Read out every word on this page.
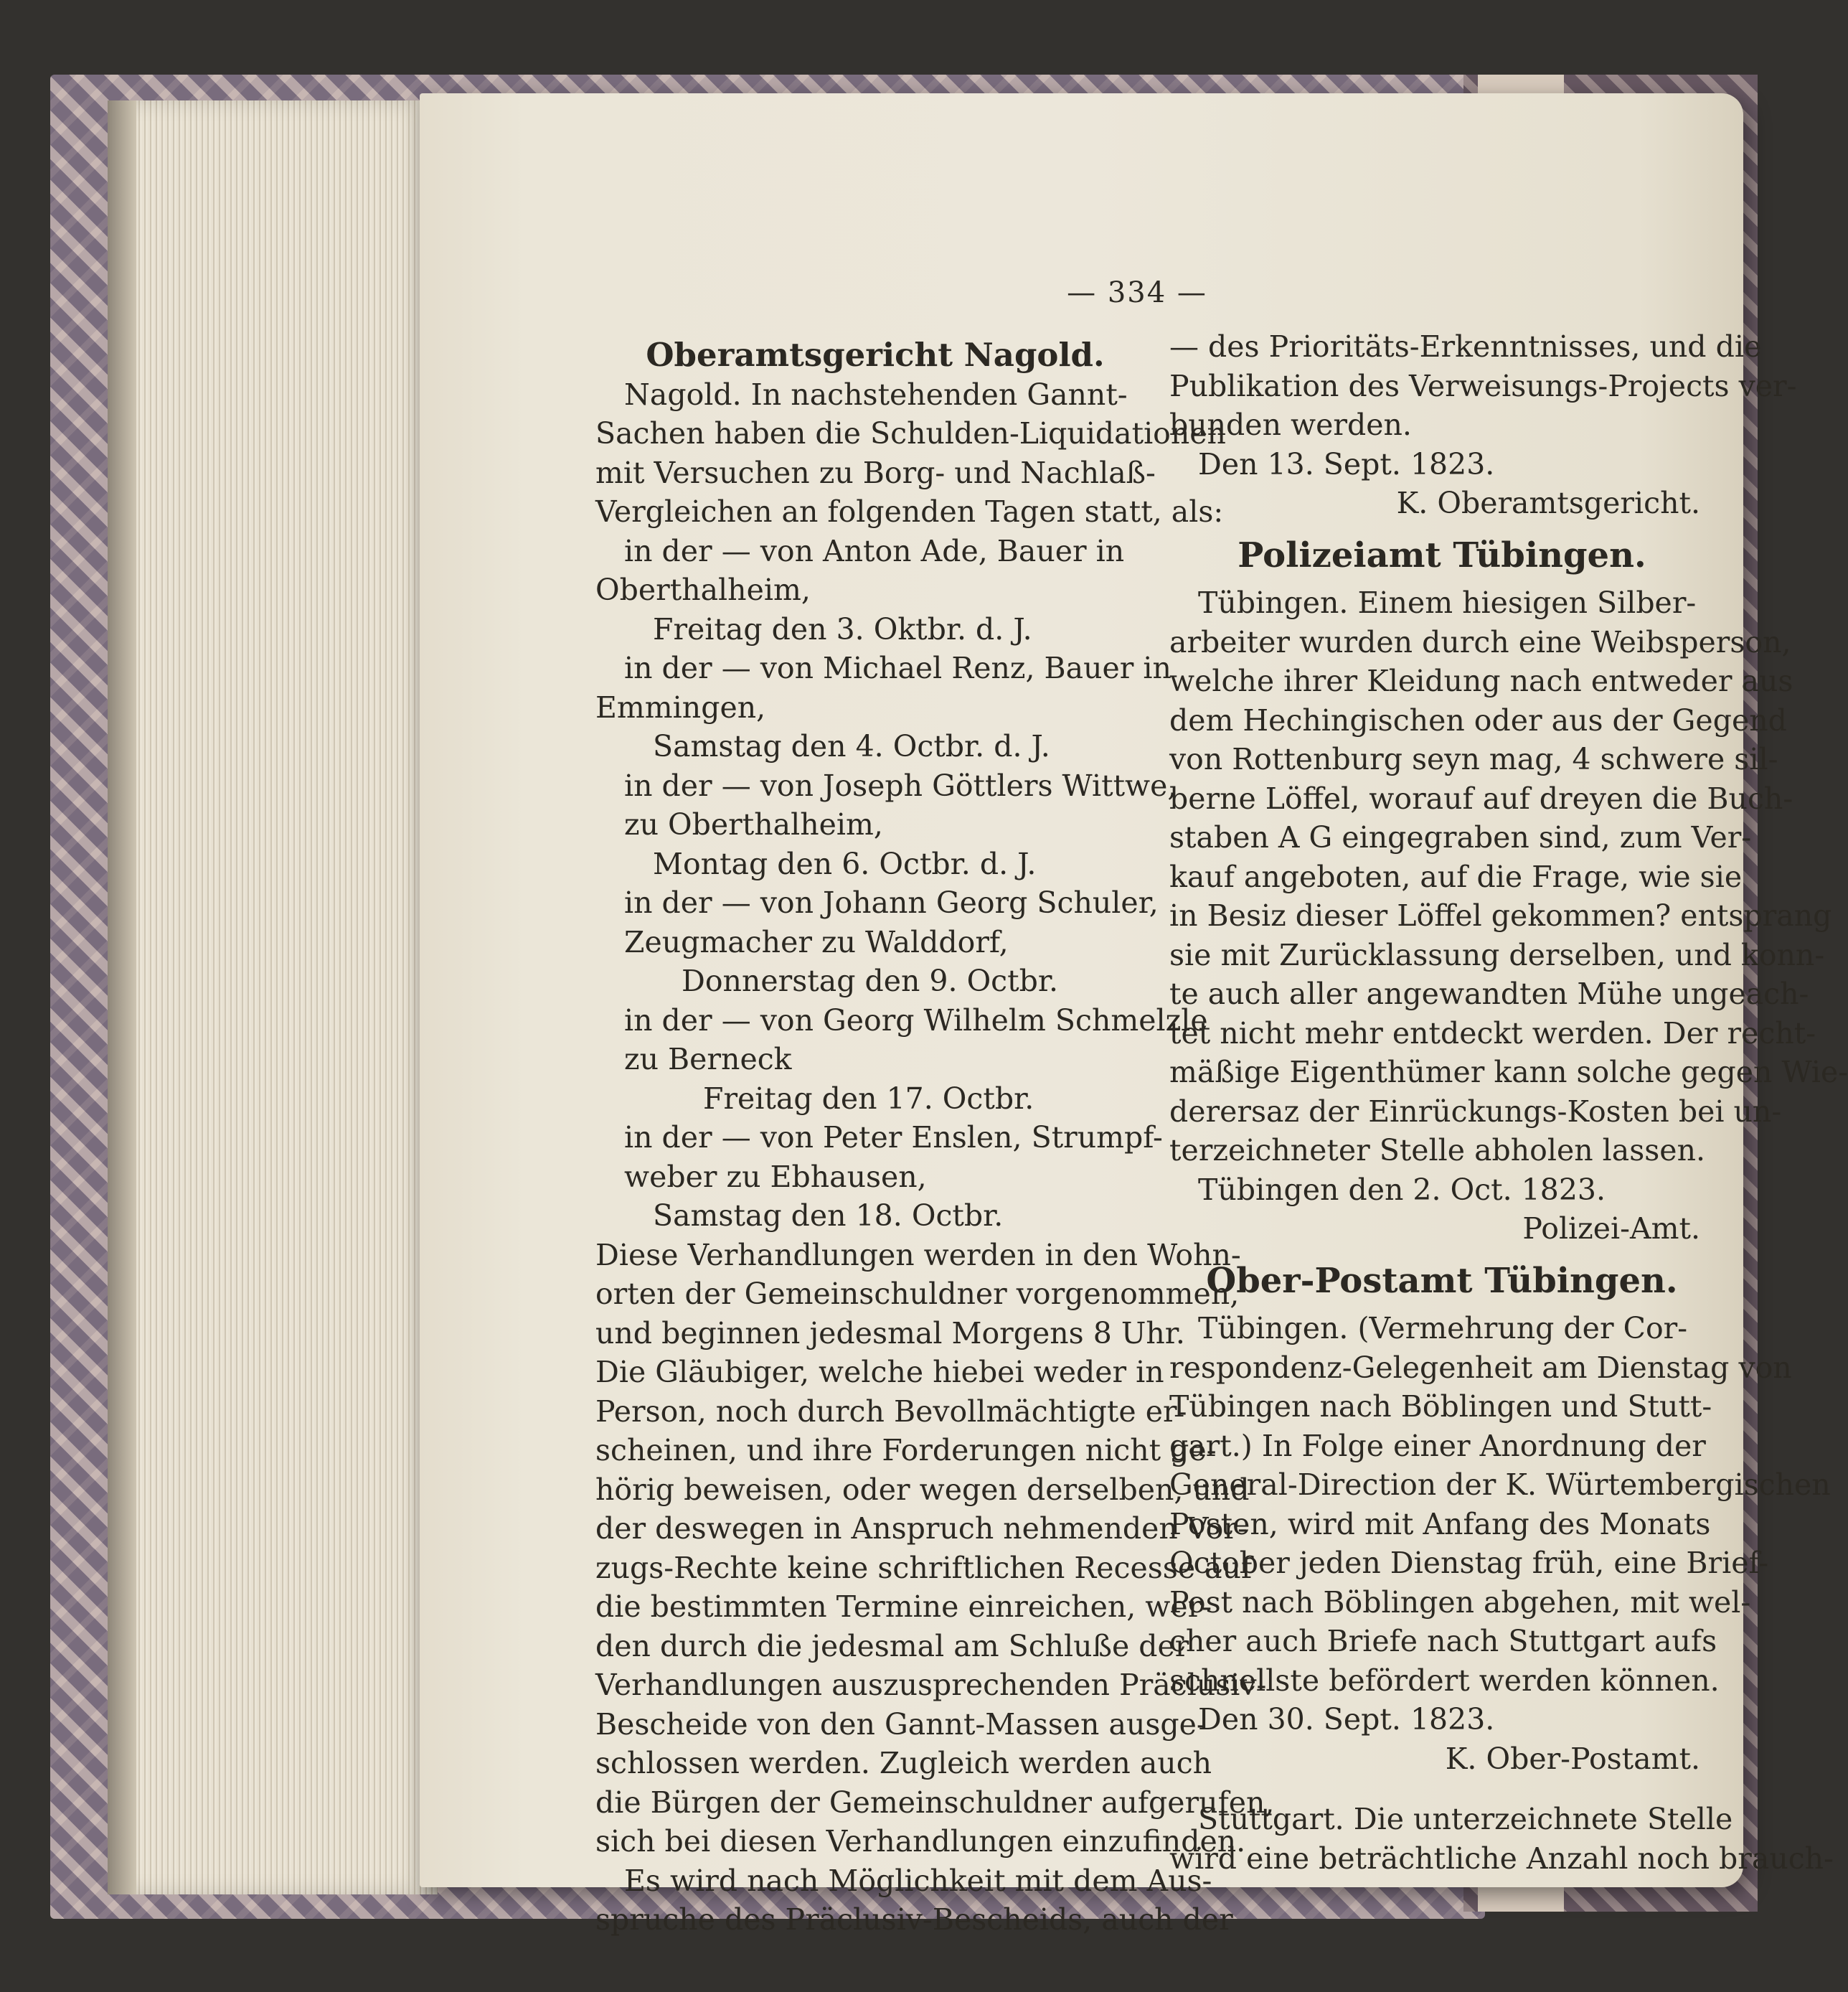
— 334 —

Oberamtsgericht Nagold.

Nagold. In nachstehenden Gannt-

Sachen haben die Schulden-Liquidationen

mit Versuchen zu Borg- und Nachlaß-

Vergleichen an folgenden Tagen statt, als:

in der — von Anton Ade, Bauer in

Oberthalheim,

Freitag den 3. Oktbr. d. J.

in der — von Michael Renz, Bauer in

Emmingen,

Samstag den 4. Octbr. d. J.

in der — von Joseph Göttlers Wittwe,

zu Oberthalheim,

Montag den 6. Octbr. d. J.

in der — von Johann Georg Schuler,

Zeugmacher zu Walddorf,

Donnerstag den 9. Octbr.

in der — von Georg Wilhelm Schmelzle

zu Berneck

Freitag den 17. Octbr.

in der — von Peter Enslen, Strumpf-

weber zu Ebhausen,

Samstag den 18. Octbr.

Diese Verhandlungen werden in den Wohn-

orten der Gemeinschuldner vorgenommen,

und beginnen jedesmal Morgens 8 Uhr.

Die Gläubiger, welche hiebei weder in

Person, noch durch Bevollmächtigte er-

scheinen, und ihre Forderungen nicht ge-

hörig beweisen, oder wegen derselben, und

der deswegen in Anspruch nehmenden Vor-

zugs-Rechte keine schriftlichen Recesse auf

die bestimmten Termine einreichen, wer-

den durch die jedesmal am Schluße der

Verhandlungen auszusprechenden Präclusiv-

Bescheide von den Gannt-Massen ausge-

schlossen werden. Zugleich werden auch

die Bürgen der Gemeinschuldner aufgerufen,

sich bei diesen Verhandlungen einzufinden.

Es wird nach Möglichkeit mit dem Aus-

spruche des Präclusiv-Bescheids, auch der

— des Prioritäts-Erkenntnisses, und die

Publikation des Verweisungs-Projects ver-

bunden werden.

Den 13. Sept. 1823.

K. Oberamtsgericht.

Polizeiamt Tübingen.

Tübingen. Einem hiesigen Silber-

arbeiter wurden durch eine Weibsperson,

welche ihrer Kleidung nach entweder aus

dem Hechingischen oder aus der Gegend

von Rottenburg seyn mag, 4 schwere sil-

berne Löffel, worauf auf dreyen die Buch-

staben A G eingegraben sind, zum Ver-

kauf angeboten, auf die Frage, wie sie

in Besiz dieser Löffel gekommen? entsprang

sie mit Zurücklassung derselben, und konn-

te auch aller angewandten Mühe ungeach-

tet nicht mehr entdeckt werden. Der recht-

mäßige Eigenthümer kann solche gegen Wie-

derersaz der Einrückungs-Kosten bei un-

terzeichneter Stelle abholen lassen.

Tübingen den 2. Oct. 1823.

Polizei-Amt.

Ober-Postamt Tübingen.

Tübingen. (Vermehrung der Cor-

respondenz-Gelegenheit am Dienstag von

Tübingen nach Böblingen und Stutt-

gart.) In Folge einer Anordnung der

General-Direction der K. Würtembergischen

Posten, wird mit Anfang des Monats

October jeden Dienstag früh, eine Brief-

Post nach Böblingen abgehen, mit wel-

cher auch Briefe nach Stuttgart aufs

schnellste befördert werden können.

Den 30. Sept. 1823.

K. Ober-Postamt.

Stuttgart. Die unterzeichnete Stelle

wird eine beträchtliche Anzahl noch brauch-
